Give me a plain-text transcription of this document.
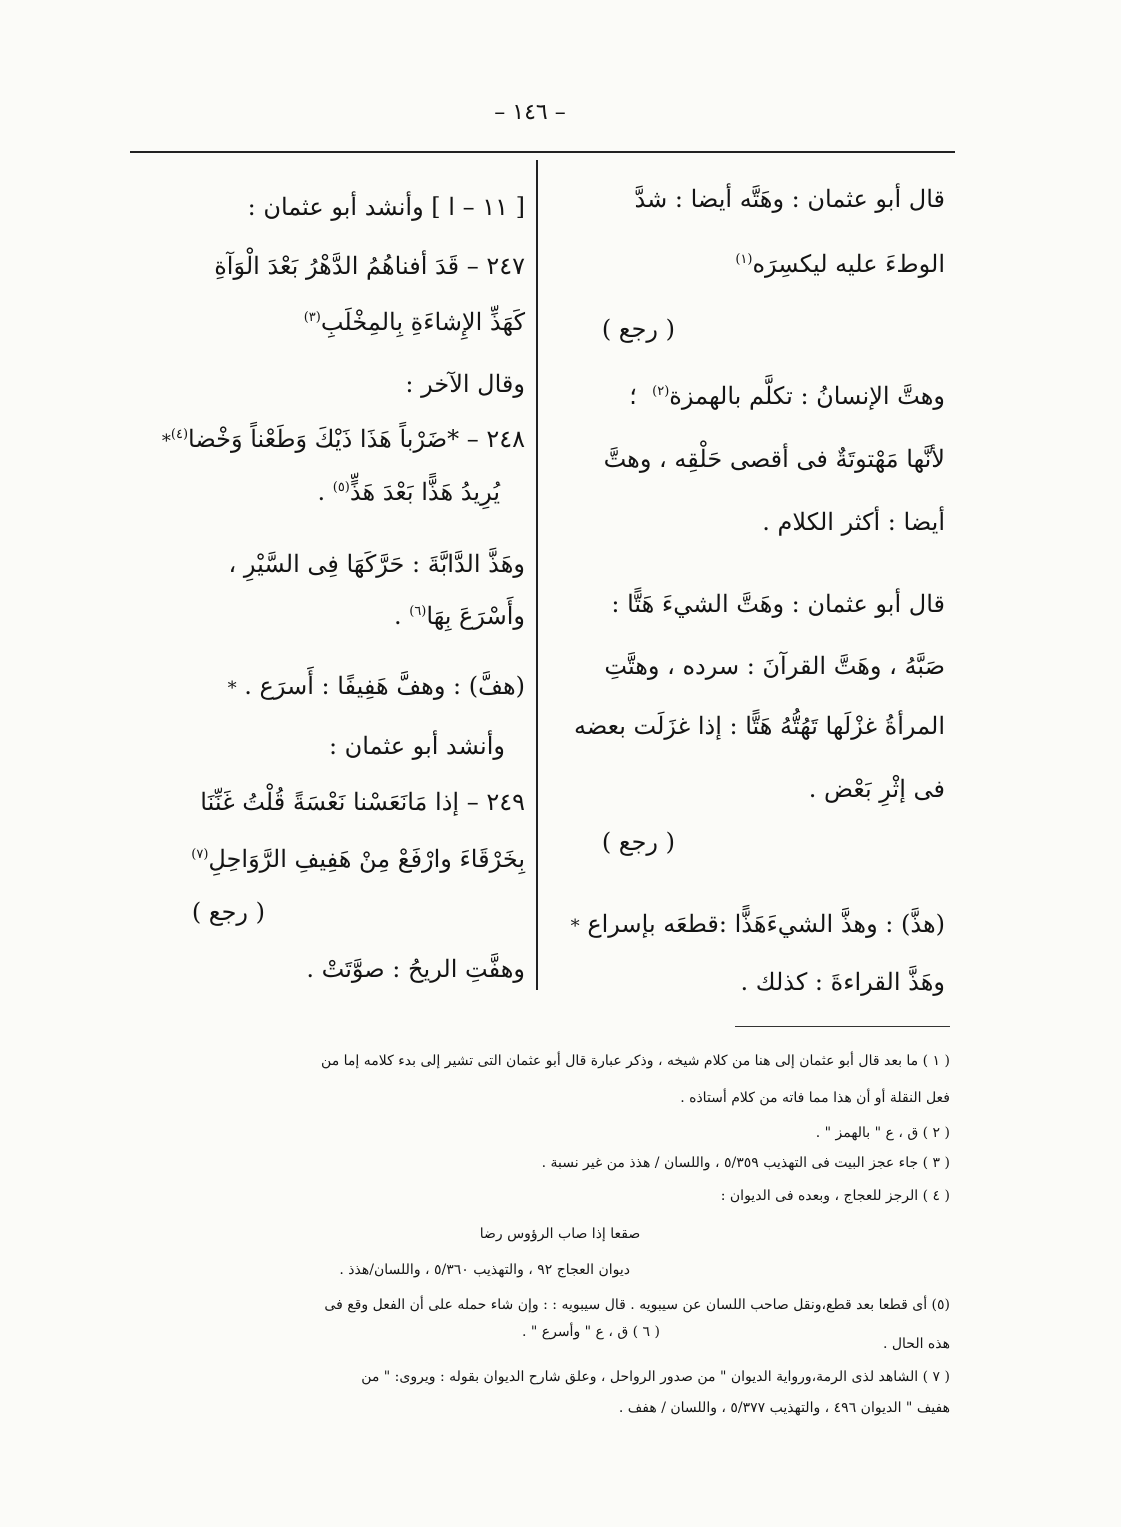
– ١٤٦ –
قال أبو عثمان : وهَتَّه أيضا : شدَّ
الوطءَ عليه ليكسِرَه$^{(١)}$
( رجع )
وهتَّ الإنسانُ : تكلَّم بالهمزة$^{(٢)}$  ؛
لأنَّها مَهْتوتَةٌ فى أقصى حَلْقِه ، وهتَّ
أيضا : أكثر الكلام .
قال أبو عثمان : وهَتَّ الشيءَ هَتًّا :
صَبَّهُ ، وهَتَّ القرآنَ : سرده ، وهتَّتِ
المرأةُ غزْلَها تَهُتُّهُ هَتًّا : إذا غزَلَت بعضه
فى إثْرِ بَعْض .
( رجع )
(هذَّ) : وهذَّ الشيءَهَذًّا :قطعَه بإسراع *
وهَذَّ القراءةَ : كذلك .
[ ١١ – ا ] وأنشد أبو عثمان :
٢٤٧ – قَدَ أفناهُمُ الدَّهْرُ بَعْدَ الْوَآةِ
كَهَذِّ الإِشاءَةِ بِالمِخْلَبِ$^{(٣)}$
وقال الآخر :
٢٤٨ – *ضَرْباً هَذَا ذَيْكَ وَطَعْناً وَخْضا$^{(٤)}$*
يُرِيدُ هَذًّا بَعْدَ هَذٍّ$^{(٥)}$ .
وهَذَّ الدَّابَّةَ : حَرَّكَهَا فِى السَّيْرِ ،
وأَسْرَعَ بِهَا$^{(٦)}$ .
(هفَّ) : وهفَّ هَفِيفًا : أَسرَع . *
وأنشد أبو عثمان :
٢٤٩ – إذا مَانَعَسْنا نَعْسَةً قُلْتُ غَنِّنَا
بِخَرْقَاءَ وارْفَعْ مِنْ هَفِيفِ الرَّوَاحِلِ$^{(٧)}$
( رجع )
وهفَّتِ الريحُ : صوَّتَتْ .
( ١ ) ما بعد قال أبو عثمان إلى هنا من كلام شيخه ، وذكر عبارة قال أبو عثمان التى تشير إلى بدء كلامه إما من
فعل النقلة أو أن هذا مما فاته من كلام أستاذه .
( ٢ ) ق ، ع " بالهمز " .
( ٣ ) جاء عجز البيت فى التهذيب ٥/٣٥٩ ، واللسان / هذذ من غير نسبة .
( ٤ ) الرجز للعجاج ، وبعده فى الديوان :
صقعا إذا صاب الرؤوس رضا
ديوان العجاج ٩٢ ، والتهذيب ٥/٣٦٠ ، واللسان/هذذ .
(٥) أى قطعا بعد قطع،ونقل صاحب اللسان عن سيبويه . قال سيبويه : : وإن شاء حمله على أن الفعل وقع فى
( ٦ ) ق ، ع " وأسرع " .
هذه الحال .
( ٧ ) الشاهد لذى الرمة،ورواية الديوان " من صدور الرواحل ، وعلق شارح الديوان بقوله : ويروى: " من
هفيف " الديوان ٤٩٦ ، والتهذيب ٥/٣٧٧ ، واللسان / هفف .
